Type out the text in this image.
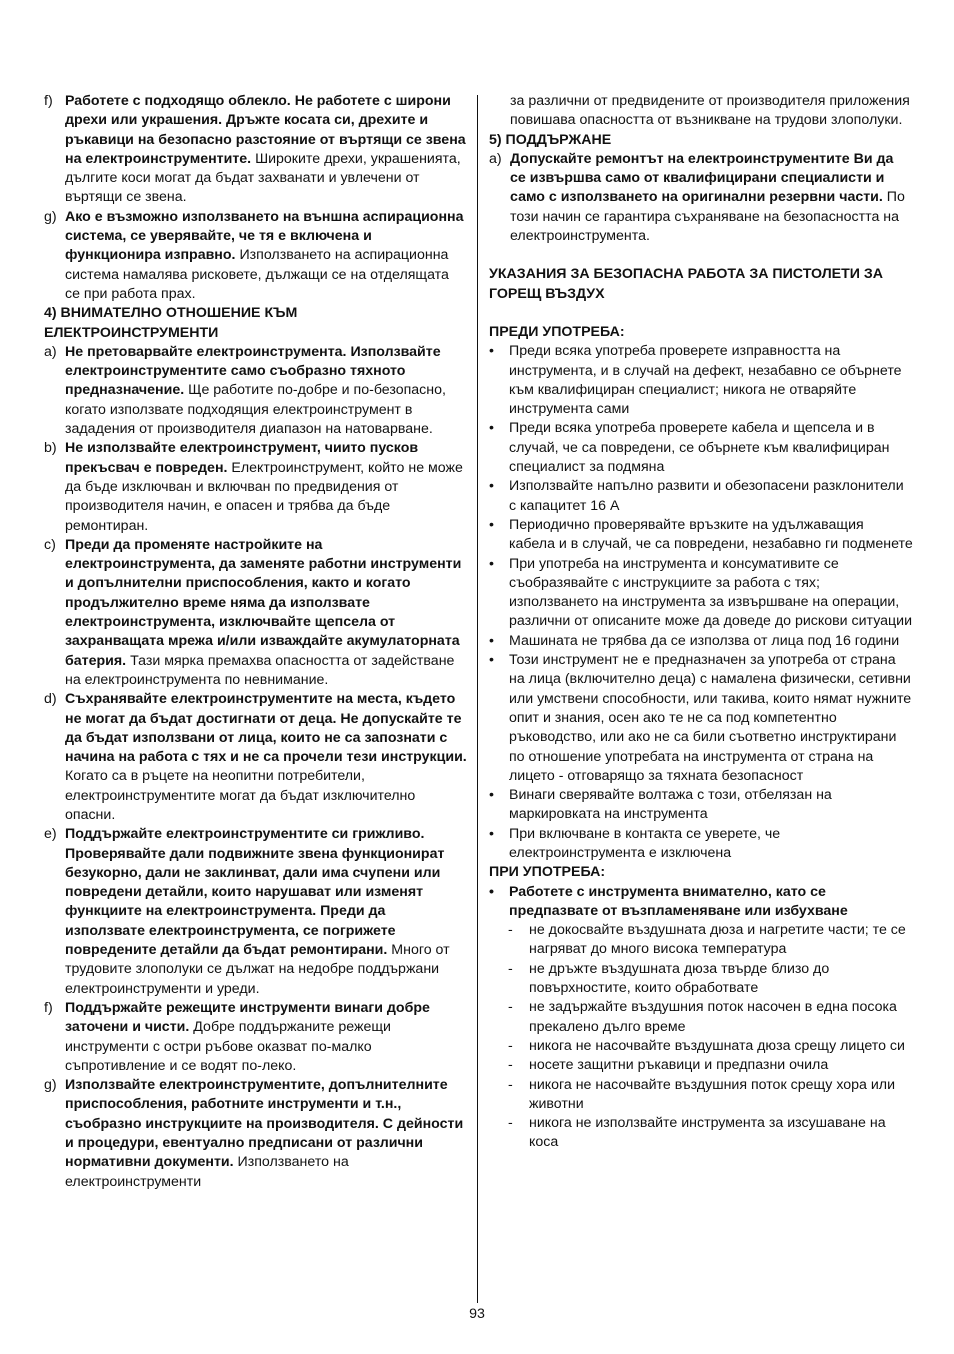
f) Работете с подходящо облекло. Не работете с широни дрехи или украшения. Дръжте косата си, дрехите и ръкавици на безопасно разстояние от въртящи се звена на електроинструментите. Широките дрехи, украшенията, дългите коси могат да бъдат захванати и увлечени от въртящи се звена.
g) Ако е възможно използването на външна аспирационна система, се уверявайте, че тя е включена и функционира изправно. Използването на аспирационна система намалява рисковете, дължащи се на отделящата се при работа прах.
4) ВНИМАТЕЛНО ОТНОШЕНИЕ КЪМ ЕЛЕКТРОИНСТРУМЕНТИ
a) Не претоварвайте електроинструмента. Използвайте електроинструментите само съобразно тяхното предназначение. Ще работите по-добре и по-безопасно, когато използвате подходящия електроинструмент в зададения от производителя диапазон на натоварване.
b) Не използвайте електроинструмент, чиито пусков прекъсвач е повреден. Електроинструмент, който не може да бъде изключван и включван по предвидения от производителя начин, е опасен и трябва да бъде ремонтиран.
c) Преди да променяте настройките на електроинструмента, да заменяте работни инструменти и допълнителни приспособления, както и когато продължително време няма да използвате електроинструмента, изключвайте щепсела от захранващата мрежа и/или изваждайте акумулаторната батерия. Тази мярка премахва опасността от задействане на електроинструмента по невнимание.
d) Съхранявайте електроинструментите на места, където не могат да бъдат достигнати от деца. Не допускайте те да бъдат използвани от лица, които не са запознати с начина на работа с тях и не са прочели тези инструкции. Когато са в ръцете на неопитни потребители, електроинструментите могат да бъдат изключително опасни.
e) Поддържайте електроинструментите си грижливо. Проверявайте дали подвижните звена функционират безукорно, дали не заклинват, дали има счупени или повредени детайли, които нарушават или изменят функциите на електроинструмента. Преди да използвате електроинструмента, се погрижете повредените детайли да бъдат ремонтирани. Много от трудовите злополуки се дължат на недобре поддържани електроинструменти и уреди.
f) Поддържайте режещите инструменти винаги добре заточени и чисти. Добре поддържаните режещи инструменти с остри ръбове оказват по-малко съпротивление и се водят по-леко.
g) Използвайте електроинструментите, допълнителните приспособления, работните инструменти и т.н., съобразно инструкциите на производителя. С дейности и процедури, евентуално предписани от различни нормативни документи. Използването на електроинструменти
за различни от предвидените от производителя приложения повишава опасността от възникване на трудови злополуки.
5) ПОДДЪРЖАНЕ
a) Допускайте ремонтът на електроинструментите Ви да се извършва само от квалифицирани специалисти и само с използването на оригинални резервни части. По този начин се гарантира съхраняване на безопасността на електроинструмента.
УКАЗАНИЯ ЗА БЕЗОПАСНА РАБОТА ЗА ПИСТОЛЕТИ ЗА ГОРЕЩ ВЪЗДУХ
ПРЕДИ УПОТРЕБА:
• Преди всяка употреба проверете изправността на инструмента, и в случай на дефект, незабавно се обърнете към квалифициран специалист; никога не отваряйте инструмента сами
• Преди всяка употреба проверете кабела и щепсела и в случай, че са повредени, се обърнете към квалифициран специалист за подмяна
• Използвайте напълно развити и обезопасени разклонители с капацитет 16 А
• Периодично проверявайте връзките на удължаващия кабела и в случай, че са повредени, незабавно ги подменете
• При употреба на инструмента и консумативите се съобразявайте с инструкциите за работа с тях; използването на инструмента за извършване на операции, различни от описаните може да доведе до рискови ситуации
• Машината не трябва да се използва от лица под 16 години
• Този инструмент не е предназначен за употреба от страна на лица (включително деца) с намалена физически, сетивни или умствени способности, или такива, които нямат нужните опит и знания, осен ако те не са под компетентно ръководство, или ако не са били съответно инструктирани по отношение употребата на инструмента от страна на лицето - отговарящо за тяхната безопасност
• Винаги сверявайте волтажа с този, отбелязан на маркировката на инструмента
• При включване в контакта се уверете, че електроинструмента е изключена
ПРИ УПОТРЕБА:
• Работете с инструмента внимателно, като се предпазвате от възпламеняване или избухване
- не докосвайте въздушната дюза и нагретите части; те се нагряват до много висока температура
- не дръжте въздушната дюза твърде близо до повърхностите, които обработвате
- не задържайте въздушния поток насочен в една посока прекалено дълго време
- никога не насочвайте въздушната дюза срещу лицето си
- носете защитни ръкавици и предпазни очила
- никога не насочвайте въздушния поток срещу хора или животни
- никога не използвайте инструмента за изсушаване на коса
93
